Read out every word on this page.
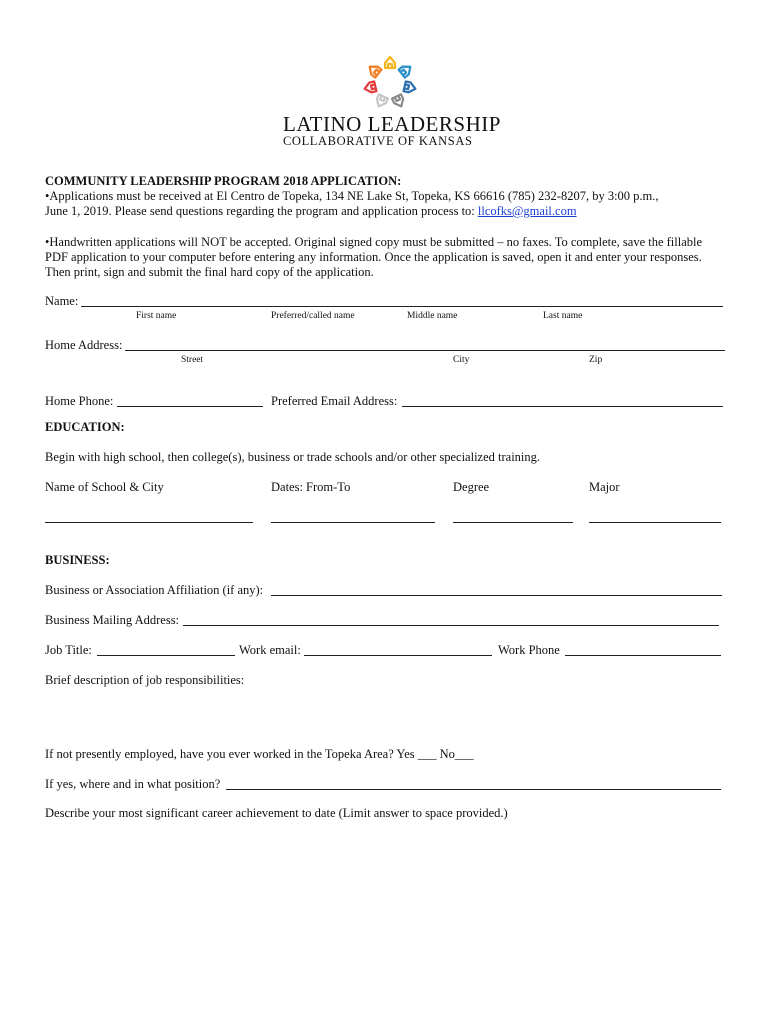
LATINO LEADERSHIP
COLLABORATIVE OF KANSAS
COMMUNITY LEADERSHIP PROGRAM 2018 APPLICATION:
•Applications must be received at El Centro de Topeka, 134 NE Lake St, Topeka, KS 66616 (785) 232-8207, by 3:00 p.m.,
June 1, 2019. Please send questions regarding the program and application process to: llcofks@gmail.com
•Handwritten applications will NOT be accepted. Original signed copy must be submitted – no faxes. To complete, save the fillable
PDF application to your computer before entering any information. Once the application is saved, open it and enter your responses.
Then print, sign and submit the final hard copy of the application.
Name:
First name	Preferred/called name	Middle name	Last name
Home Address:
Street	City	Zip
Home Phone:	Preferred Email Address:
EDUCATION:
Begin with high school, then college(s), business or trade schools and/or other specialized training.
Name of School & City	Dates: From-To	Degree	Major
BUSINESS:
Business or Association Affiliation (if any):
Business Mailing Address:
Job Title:	Work email:	Work Phone
Brief description of job responsibilities:
If not presently employed, have you ever worked in the Topeka Area? Yes ___ No___
If yes, where and in what position?
Describe your most significant career achievement to date (Limit answer to space provided.)
